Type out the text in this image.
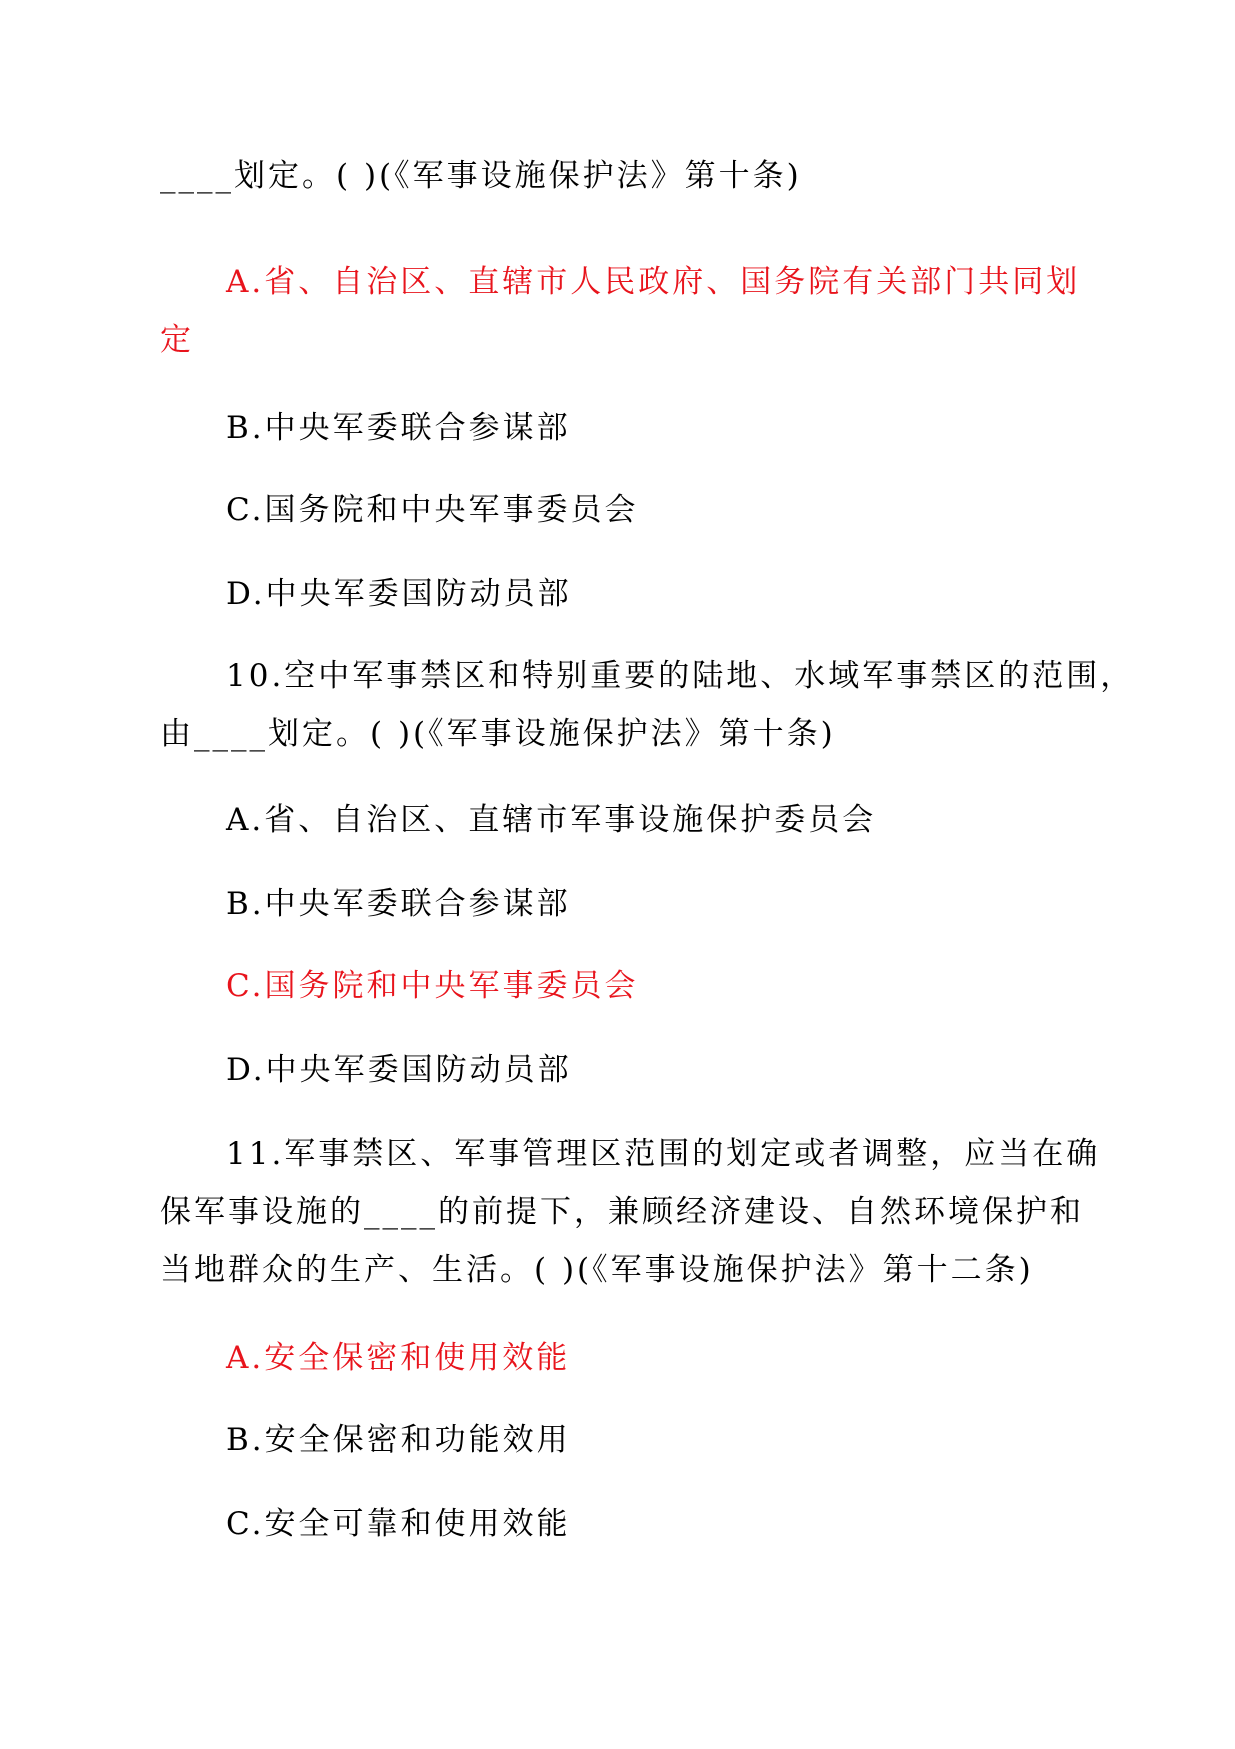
____划定。( )(《军事设施保护法》第十条)
A.省、自治区、直辖市人民政府、国务院有关部门共同划
定
B.中央军委联合参谋部
C.国务院和中央军事委员会
D.中央军委国防动员部
10.空中军事禁区和特别重要的陆地、水域军事禁区的范围，
由____划定。( )(《军事设施保护法》第十条)
A.省、自治区、直辖市军事设施保护委员会
B.中央军委联合参谋部
C.国务院和中央军事委员会
D.中央军委国防动员部
11.军事禁区、军事管理区范围的划定或者调整，应当在确
保军事设施的____的前提下，兼顾经济建设、自然环境保护和
当地群众的生产、生活。( )(《军事设施保护法》第十二条)
A.安全保密和使用效能
B.安全保密和功能效用
C.安全可靠和使用效能
